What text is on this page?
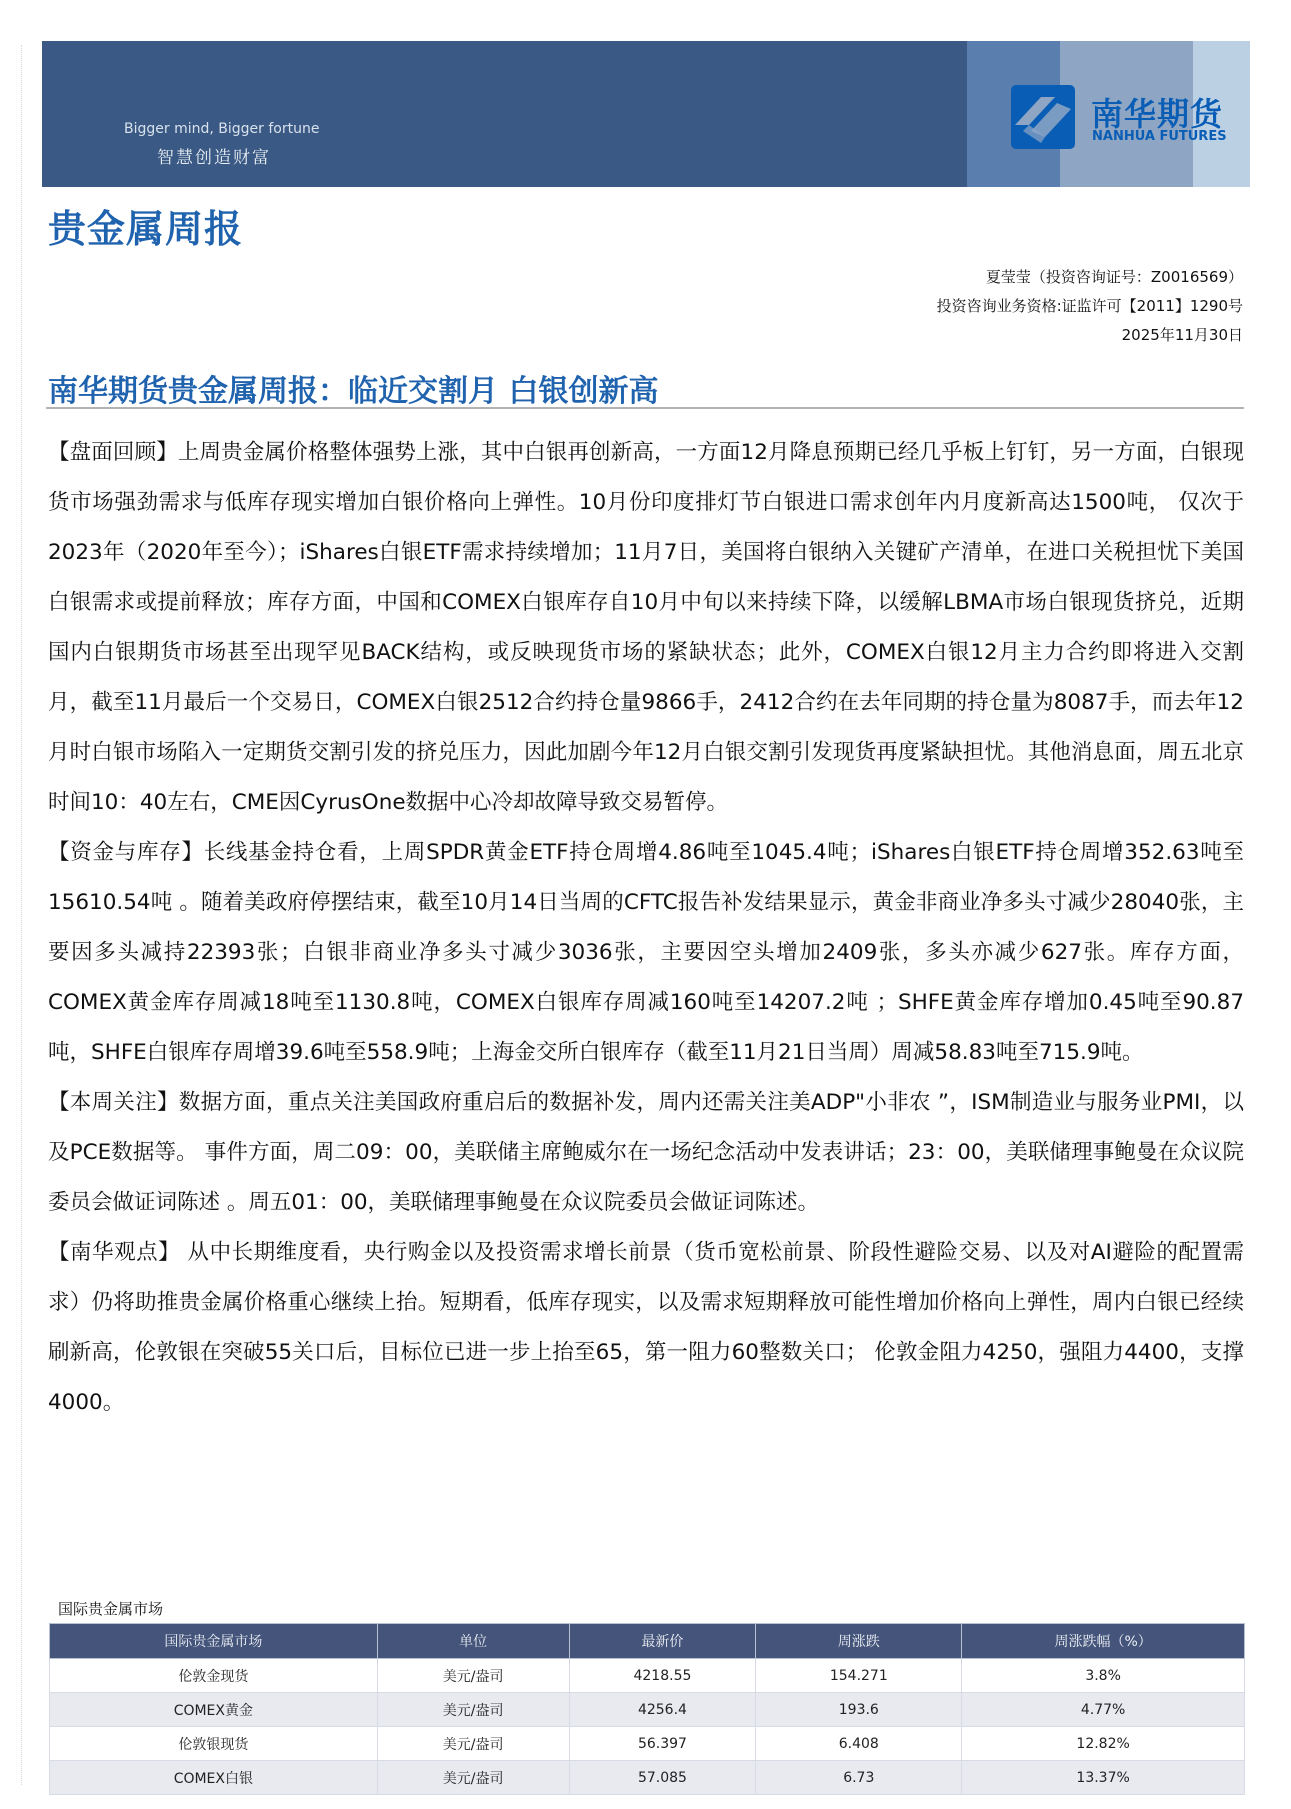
Bigger mind, Bigger fortune
智慧创造财富
南华期货
NANHUA FUTURES
贵金属周报
夏莹莹（投资咨询证号：Z0016569）
投资咨询业务资格:证监许可【2011】1290号
2025年11月30日
南华期货贵金属周报：临近交割月 白银创新高

【盘面回顾】上周贵金属价格整体强势上涨，其中白银再创新高，一方面12月降息预期已经几乎板上钉钉，另一方面，白银现货市场强劲需求与低库存现实增加白银价格向上弹性。10月份印度排灯节白银进口需求创年内月度新高达1500吨， 仅次于2023年（2020年至今）；iShares白银ETF需求持续增加；11月7日，美国将白银纳入关键矿产清单，在进口关税担忧下美国白银需求或提前释放；库存方面，中国和COMEX白银库存自10月中旬以来持续下降，以缓解LBMA市场白银现货挤兑，近期国内白银期货市场甚至出现罕见BACK结构，或反映现货市场的紧缺状态；此外，COMEX白银12月主力合约即将进入交割月，截至11月最后一个交易日，COMEX白银2512合约持仓量9866手，2412合约在去年同期的持仓量为8087手，而去年12月时白银市场陷入一定期货交割引发的挤兑压力，因此加剧今年12月白银交割引发现货再度紧缺担忧。其他消息面，周五北京时间10：40左右，CME因CyrusOne数据中心冷却故障导致交易暂停。

【资金与库存】长线基金持仓看，上周SPDR黄金ETF持仓周增4.86吨至1045.4吨；iShares白银ETF持仓周增352.63吨至15610.54吨 。随着美政府停摆结束，截至10月14日当周的CFTC报告补发结果显示，黄金非商业净多头寸减少28040张，主要因多头减持22393张；白银非商业净多头寸减少3036张，主要因空头增加2409张，多头亦减少627张。库存方面，COMEX黄金库存周减18吨至1130.8吨，COMEX白银库存周减160吨至14207.2吨 ；SHFE黄金库存增加0.45吨至90.87吨，SHFE白银库存周增39.6吨至558.9吨；上海金交所白银库存（截至11月21日当周）周减58.83吨至715.9吨。

【本周关注】数据方面，重点关注美国政府重启后的数据补发，周内还需关注美ADP"小非农 ”，ISM制造业与服务业PMI，以及PCE数据等。 事件方面，周二09：00，美联储主席鲍威尔在一场纪念活动中发表讲话；23：00，美联储理事鲍曼在众议院委员会做证词陈述 。周五01：00，美联储理事鲍曼在众议院委员会做证词陈述。

【南华观点】 从中长期维度看，央行购金以及投资需求增长前景（货币宽松前景、阶段性避险交易、以及对AI避险的配置需求）仍将助推贵金属价格重心继续上抬。短期看，低库存现实，以及需求短期释放可能性增加价格向上弹性，周内白银已经续刷新高，伦敦银在突破55关口后，目标位已进一步上抬至65，第一阻力60整数关口； 伦敦金阻力4250，强阻力4400，支撑4000。

国际贵金属市场
国际贵金属市场	单位	最新价	周涨跌	周涨跌幅（%）
伦敦金现货	美元/盎司	4218.55	154.271	3.8%
COMEX黄金	美元/盎司	4256.4	193.6	4.77%
伦敦银现货	美元/盎司	56.397	6.408	12.82%
COMEX白银	美元/盎司	57.085	6.73	13.37%
